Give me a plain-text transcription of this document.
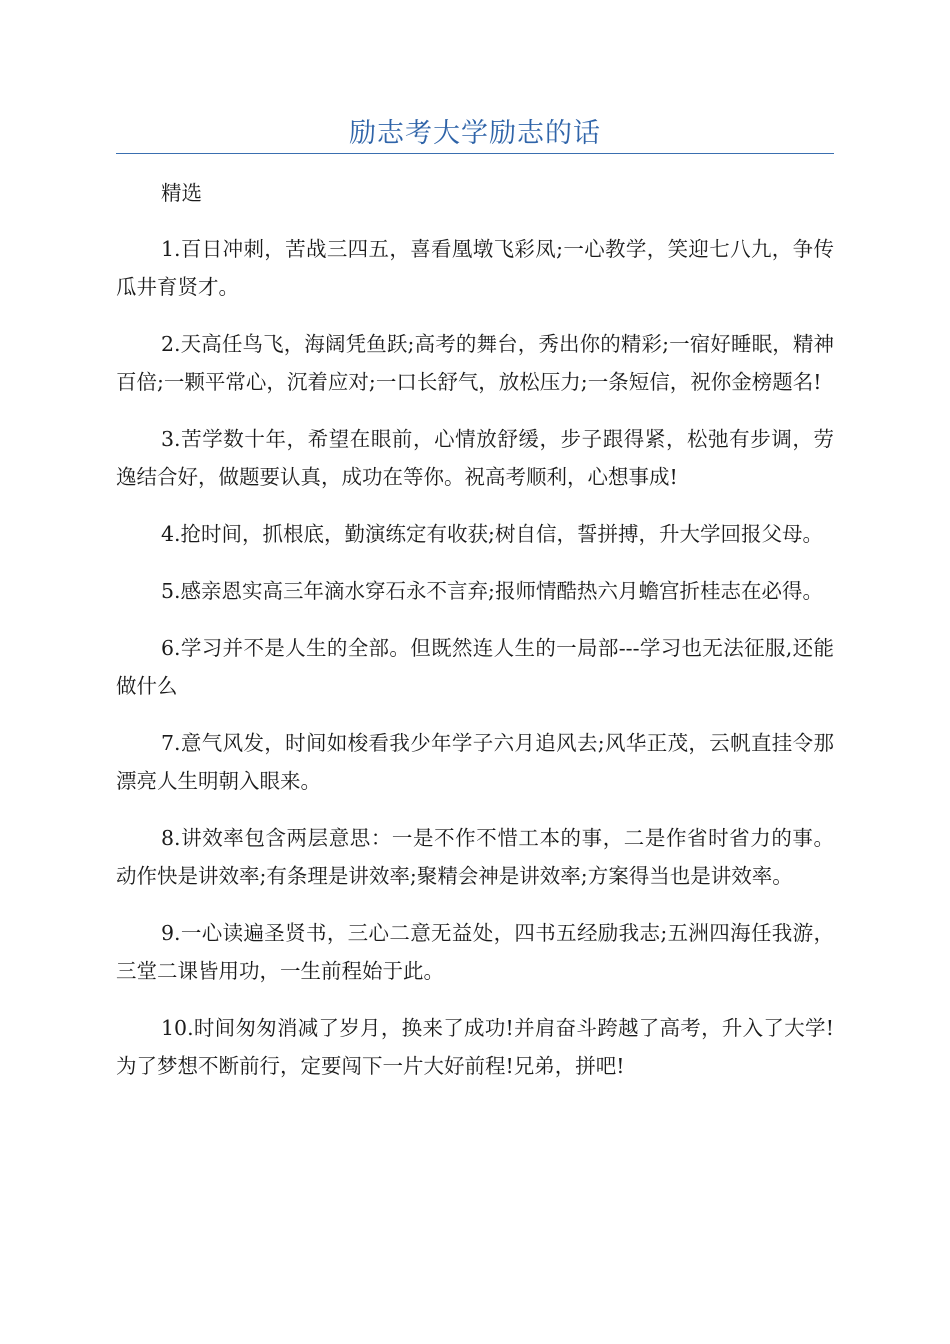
励志考大学励志的话

精选

1.百日冲刺，苦战三四五，喜看凰墩飞彩凤;一心教学，笑迎七八九，争传瓜井育贤才。

2.天高任鸟飞，海阔凭鱼跃;高考的舞台，秀出你的精彩;一宿好睡眠，精神百倍;一颗平常心，沉着应对;一口长舒气，放松压力;一条短信，祝你金榜题名!

3.苦学数十年，希望在眼前，心情放舒缓，步子跟得紧，松弛有步调，劳逸结合好，做题要认真，成功在等你。祝高考顺利，心想事成!

4.抢时间，抓根底，勤演练定有收获;树自信，誓拼搏，升大学回报父母。

5.感亲恩实高三年滴水穿石永不言弃;报师情酷热六月蟾宫折桂志在必得。

6.学习并不是人生的全部。但既然连人生的一局部---学习也无法征服,还能做什么

7.意气风发，时间如梭看我少年学子六月追风去;风华正茂，云帆直挂令那漂亮人生明朝入眼来。

8.讲效率包含两层意思：一是不作不惜工本的事，二是作省时省力的事。动作快是讲效率;有条理是讲效率;聚精会神是讲效率;方案得当也是讲效率。

9.一心读遍圣贤书，三心二意无益处，四书五经励我志;五洲四海任我游，三堂二课皆用功，一生前程始于此。

10.时间匆匆消减了岁月，换来了成功!并肩奋斗跨越了高考，升入了大学!为了梦想不断前行，定要闯下一片大好前程!兄弟，拼吧!
